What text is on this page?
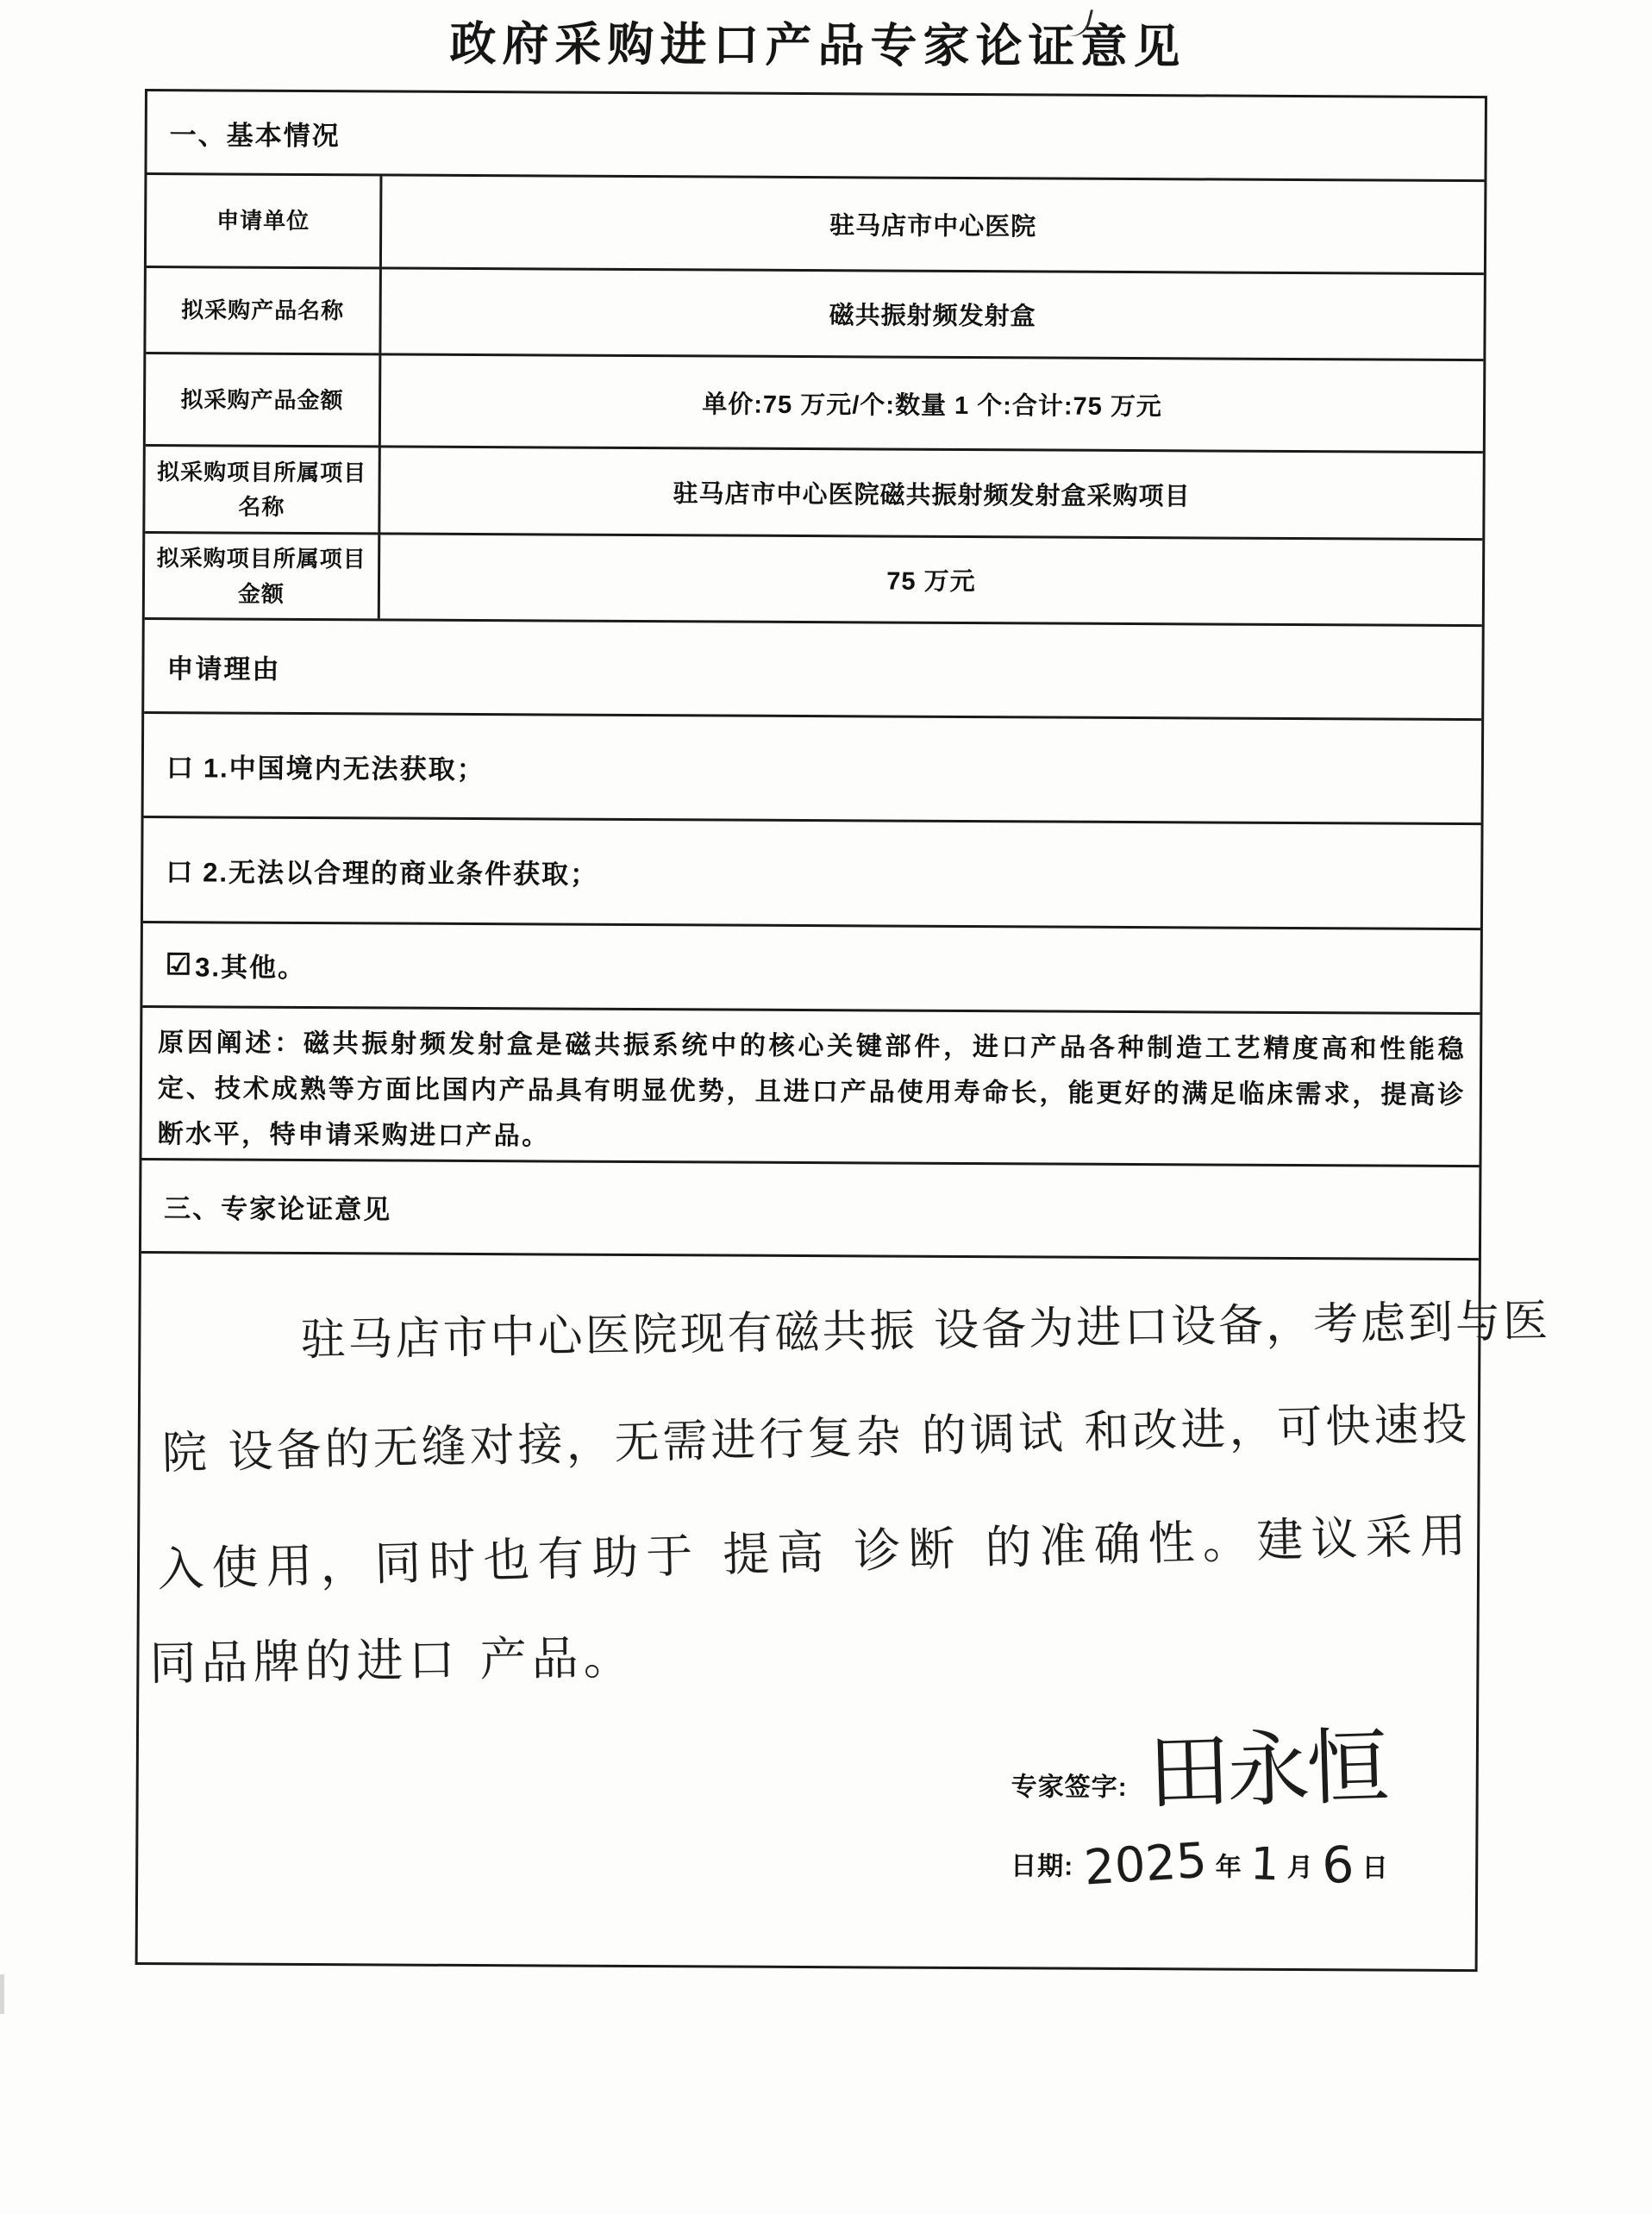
政府采购进口产品专家论证意见
一、基本情况
申请单位	驻马店市中心医院
拟采购产品名称	磁共振射频发射盒
拟采购产品金额	单价:75 万元/个:数量 1 个:合计:75 万元
拟采购项目所属项目名称	驻马店市中心医院磁共振射频发射盒采购项目
拟采购项目所属项目金额	75 万元
申请理由
口 1.中国境内无法获取；
口 2.无法以合理的商业条件获取；
☑ 3.其他。
原因阐述：磁共振射频发射盒是磁共振系统中的核心关键部件，进口产品各种制造工艺精度高和性能稳定、技术成熟等方面比国内产品具有明显优势，且进口产品使用寿命长，能更好的满足临床需求，提高诊断水平，特申请采购进口产品。
三、专家论证意见
驻马店市中心医院现有磁共振 设备为进口设备，考虑到与医
院 设备的无缝对接，无需进行复杂 的调试 和改进，可快速投
入使用，同时也有助于 提高 诊断 的准确性。建议采用
同品牌的进口 产品。
专家签字: 田永恒
日期: 2025 年 1 月 6 日
